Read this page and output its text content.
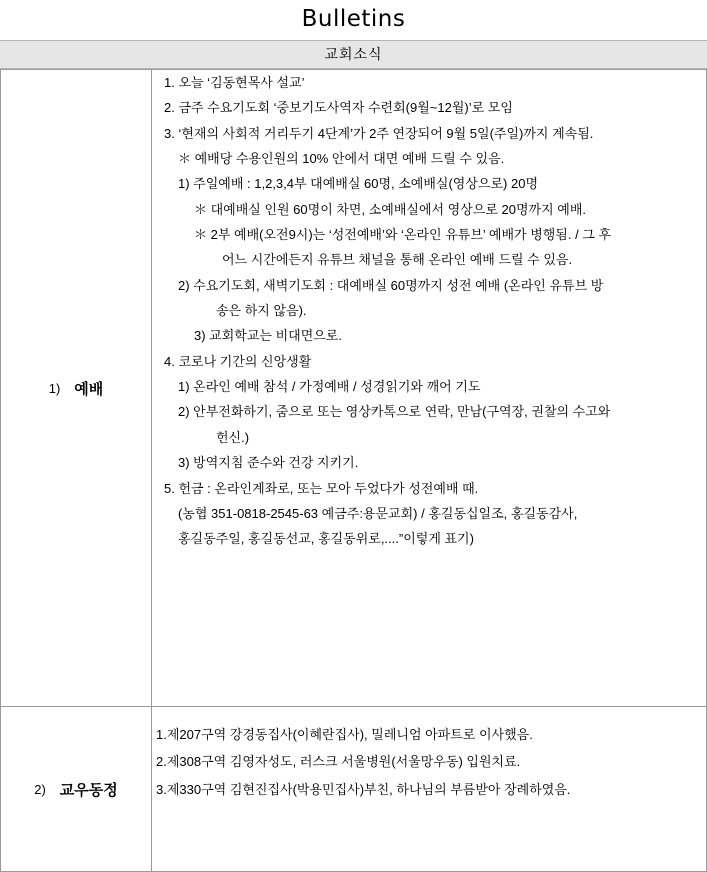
Bulletins
교회소식
1) 예배

1. 오늘 ‘김동현목사 설교’
2. 금주 수요기도회 ‘중보기도사역자 수련회(9월~12월)’로 모임
3. ‘현재의 사회적 거리두기 4단계’가 2주 연장되어 9월 5일(주일)까지 계속됨.
＊ 예배당 수용인원의 10% 안에서 대면 예배 드릴 수 있음.
1) 주일예배 : 1,2,3,4부 대예배실 60명, 소예배실(영상으로) 20명
＊ 대예배실 인원 60명이 차면, 소예배실에서 영상으로 20명까지 예배.
＊ 2부 예배(오전9시)는 ‘성전예배’와 ‘온라인 유튜브’ 예배가 병행됨. / 그 후
어느 시간에든지 유튜브 채널을 통해 온라인 예배 드릴 수 있음.
2) 수요기도회, 새벽기도회 : 대예배실 60명까지 성전 예배 (온라인 유튜브 방
송은 하지 않음).
3) 교회학교는 비대면으로.
4. 코로나 기간의 신앙생활
1) 온라인 예배 참석 / 가정예배 / 성경읽기와 깨어 기도
2) 안부전화하기, 줌으로 또는 영상카톡으로 연락, 만남(구역장, 권찰의 수고와
헌신.)
3) 방역지침 준수와 건강 지키기.
5. 헌금 : 온라인계좌로, 또는 모아 두었다가 성전예배 때.
(농협 351-0818-2545-63 예금주:용문교회) / 홍길동십일조, 홍길동감사,
홍길동주일, 홍길동선교, 홍길동위로,....”이렇게 표기)

2) 교우동정

1.제207구역 강경동집사(이혜란집사), 밀레니엄 아파트로 이사했음.
2.제308구역 김영자성도, 러스크 서울병원(서울망우동) 입원치료.
3.제330구역 김현진집사(박용민집사)부친, 하나님의 부름받아 장례하였음.
